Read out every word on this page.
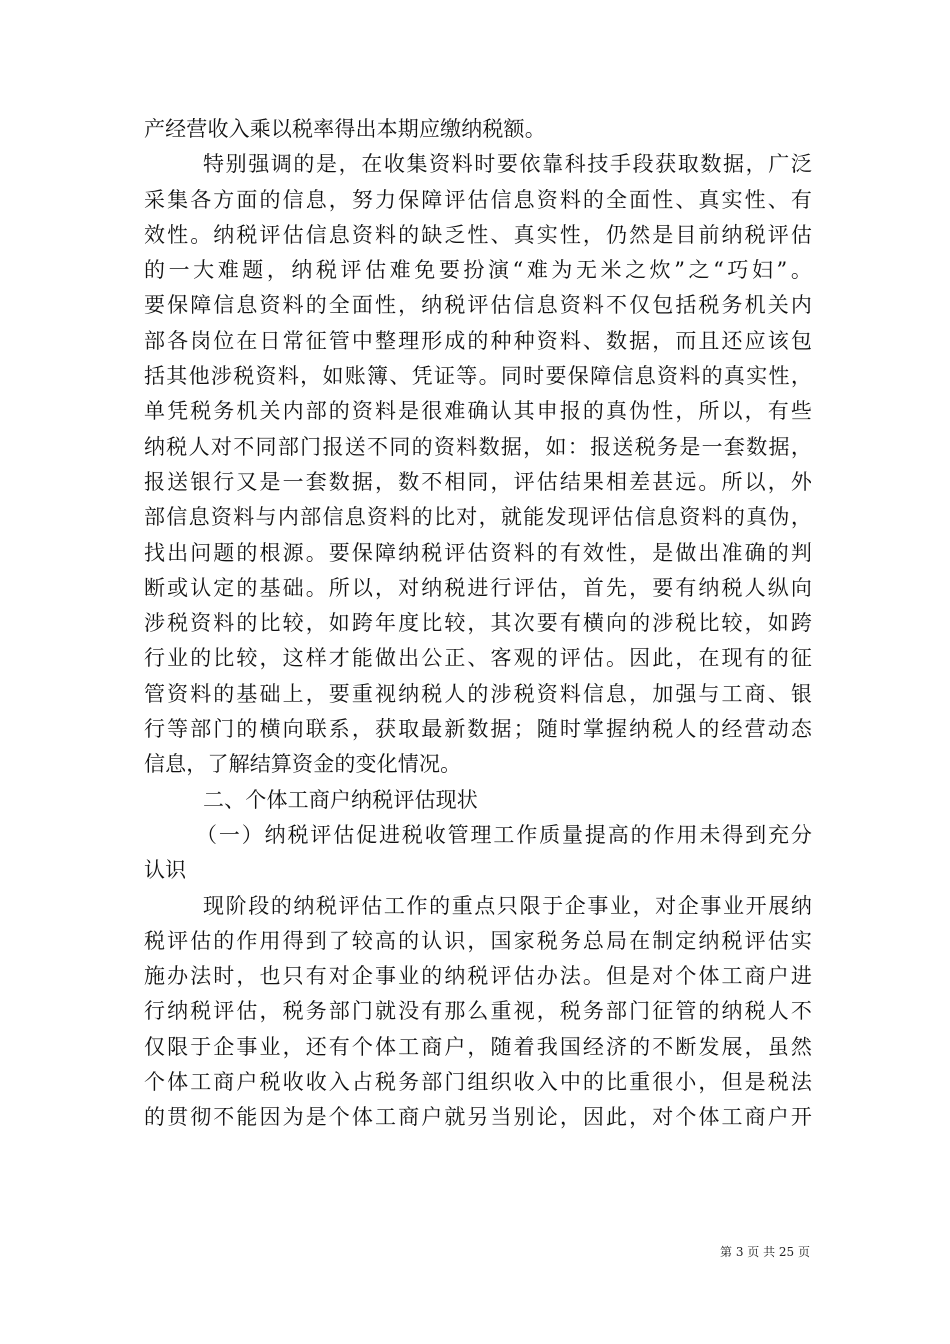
产经营收入乘以税率得出本期应缴纳税额。
特别强调的是，在收集资料时要依靠科技手段获取数据，广泛
采集各方面的信息，努力保障评估信息资料的全面性、真实性、有
效性。纳税评估信息资料的缺乏性、真实性，仍然是目前纳税评估
的一大难题，纳税评估难免要扮演“难为无米之炊”之“巧妇”。
要保障信息资料的全面性，纳税评估信息资料不仅包括税务机关内
部各岗位在日常征管中整理形成的种种资料、数据，而且还应该包
括其他涉税资料，如账簿、凭证等。同时要保障信息资料的真实性，
单凭税务机关内部的资料是很难确认其申报的真伪性，所以，有些
纳税人对不同部门报送不同的资料数据，如：报送税务是一套数据，
报送银行又是一套数据，数不相同，评估结果相差甚远。所以，外
部信息资料与内部信息资料的比对，就能发现评估信息资料的真伪，
找出问题的根源。要保障纳税评估资料的有效性，是做出准确的判
断或认定的基础。所以，对纳税进行评估，首先，要有纳税人纵向
涉税资料的比较，如跨年度比较，其次要有横向的涉税比较，如跨
行业的比较，这样才能做出公正、客观的评估。因此，在现有的征
管资料的基础上，要重视纳税人的涉税资料信息，加强与工商、银
行等部门的横向联系，获取最新数据；随时掌握纳税人的经营动态
信息，了解结算资金的变化情况。
二、个体工商户纳税评估现状
（一）纳税评估促进税收管理工作质量提高的作用未得到充分
认识
现阶段的纳税评估工作的重点只限于企事业，对企事业开展纳
税评估的作用得到了较高的认识，国家税务总局在制定纳税评估实
施办法时，也只有对企事业的纳税评估办法。但是对个体工商户进
行纳税评估，税务部门就没有那么重视，税务部门征管的纳税人不
仅限于企事业，还有个体工商户，随着我国经济的不断发展，虽然
个体工商户税收收入占税务部门组织收入中的比重很小，但是税法
的贯彻不能因为是个体工商户就另当别论，因此，对个体工商户开
第 3 页 共 25 页
